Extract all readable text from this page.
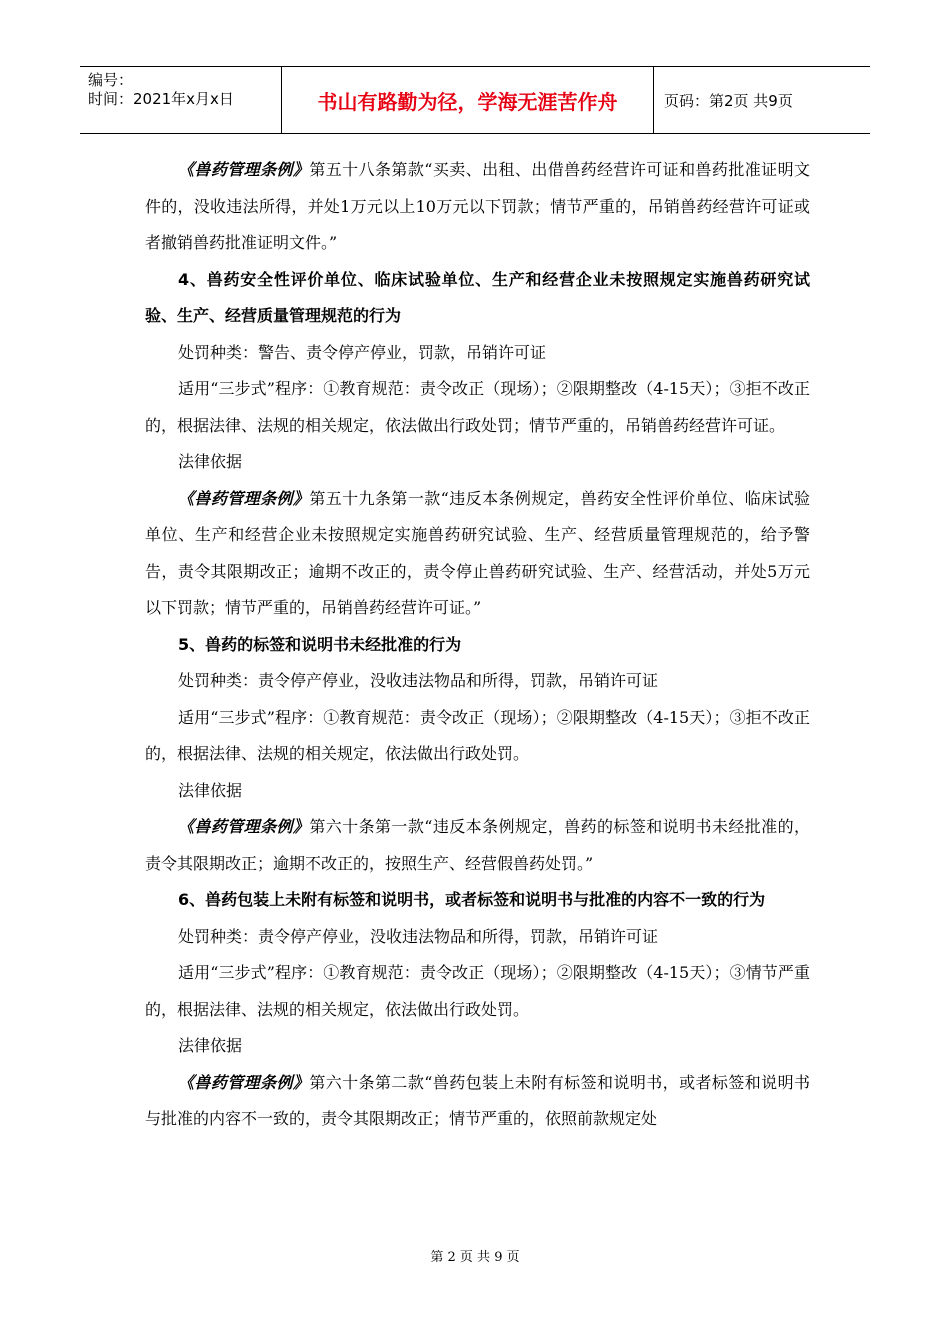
编号：
时间：2021年x月x日	书山有路勤为径，学海无涯苦作舟	页码：第2页 共9页

《兽药管理条例》第五十八条第款“买卖、出租、出借兽药经营许可证和兽药批准证明文件的，没收违法所得，并处1万元以上10万元以下罚款；情节严重的，吊销兽药经营许可证或者撤销兽药批准证明文件。”

4、兽药安全性评价单位、临床试验单位、生产和经营企业未按照规定实施兽药研究试验、生产、经营质量管理规范的行为

处罚种类：警告、责令停产停业，罚款，吊销许可证

适用“三步式”程序：①教育规范：责令改正（现场）；②限期整改（4-15天）；③拒不改正的，根据法律、法规的相关规定，依法做出行政处罚；情节严重的，吊销兽药经营许可证。

法律依据

《兽药管理条例》第五十九条第一款“违反本条例规定，兽药安全性评价单位、临床试验单位、生产和经营企业未按照规定实施兽药研究试验、生产、经营质量管理规范的，给予警告，责令其限期改正；逾期不改正的，责令停止兽药研究试验、生产、经营活动，并处5万元以下罚款；情节严重的，吊销兽药经营许可证。”

5、兽药的标签和说明书未经批准的行为

处罚种类：责令停产停业，没收违法物品和所得，罚款，吊销许可证

适用“三步式”程序：①教育规范：责令改正（现场）；②限期整改（4-15天）；③拒不改正的，根据法律、法规的相关规定，依法做出行政处罚。

法律依据

《兽药管理条例》第六十条第一款“违反本条例规定，兽药的标签和说明书未经批准的，责令其限期改正；逾期不改正的，按照生产、经营假兽药处罚。”

6、兽药包装上未附有标签和说明书，或者标签和说明书与批准的内容不一致的行为

处罚种类：责令停产停业，没收违法物品和所得，罚款，吊销许可证

适用“三步式”程序：①教育规范：责令改正（现场）；②限期整改（4-15天）；③情节严重的，根据法律、法规的相关规定，依法做出行政处罚。

法律依据

《兽药管理条例》第六十条第二款“兽药包装上未附有标签和说明书，或者标签和说明书与批准的内容不一致的，责令其限期改正；情节严重的，依照前款规定处

第 2 页 共 9 页
